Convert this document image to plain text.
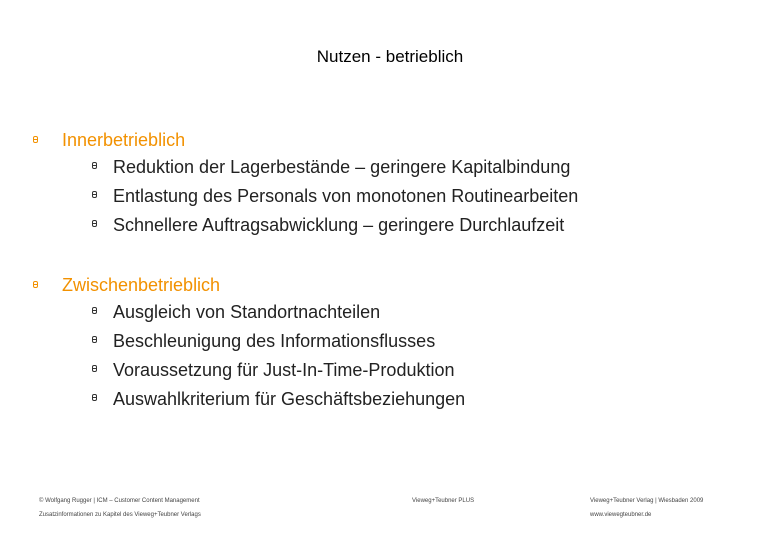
Nutzen - betrieblich
Innerbetrieblich
Reduktion der Lagerbestände – geringere Kapitalbindung
Entlastung des Personals von monotonen Routinearbeiten
Schnellere Auftragsabwicklung – geringere Durchlaufzeit
Zwischenbetrieblich
Ausgleich von Standortnachteilen
Beschleunigung des Informationsflusses
Voraussetzung für Just-In-Time-Produktion
Auswahlkriterium für Geschäftsbeziehungen
© Wolfgang Rugger | ICM – Customer Content Management
Zusatzinformationen zu Kapitel des Vieweg+Teubner Verlags
Vieweg+Teubner PLUS	Vieweg+Teubner Verlag | Wiesbaden 2009
www.viewegteubner.de
